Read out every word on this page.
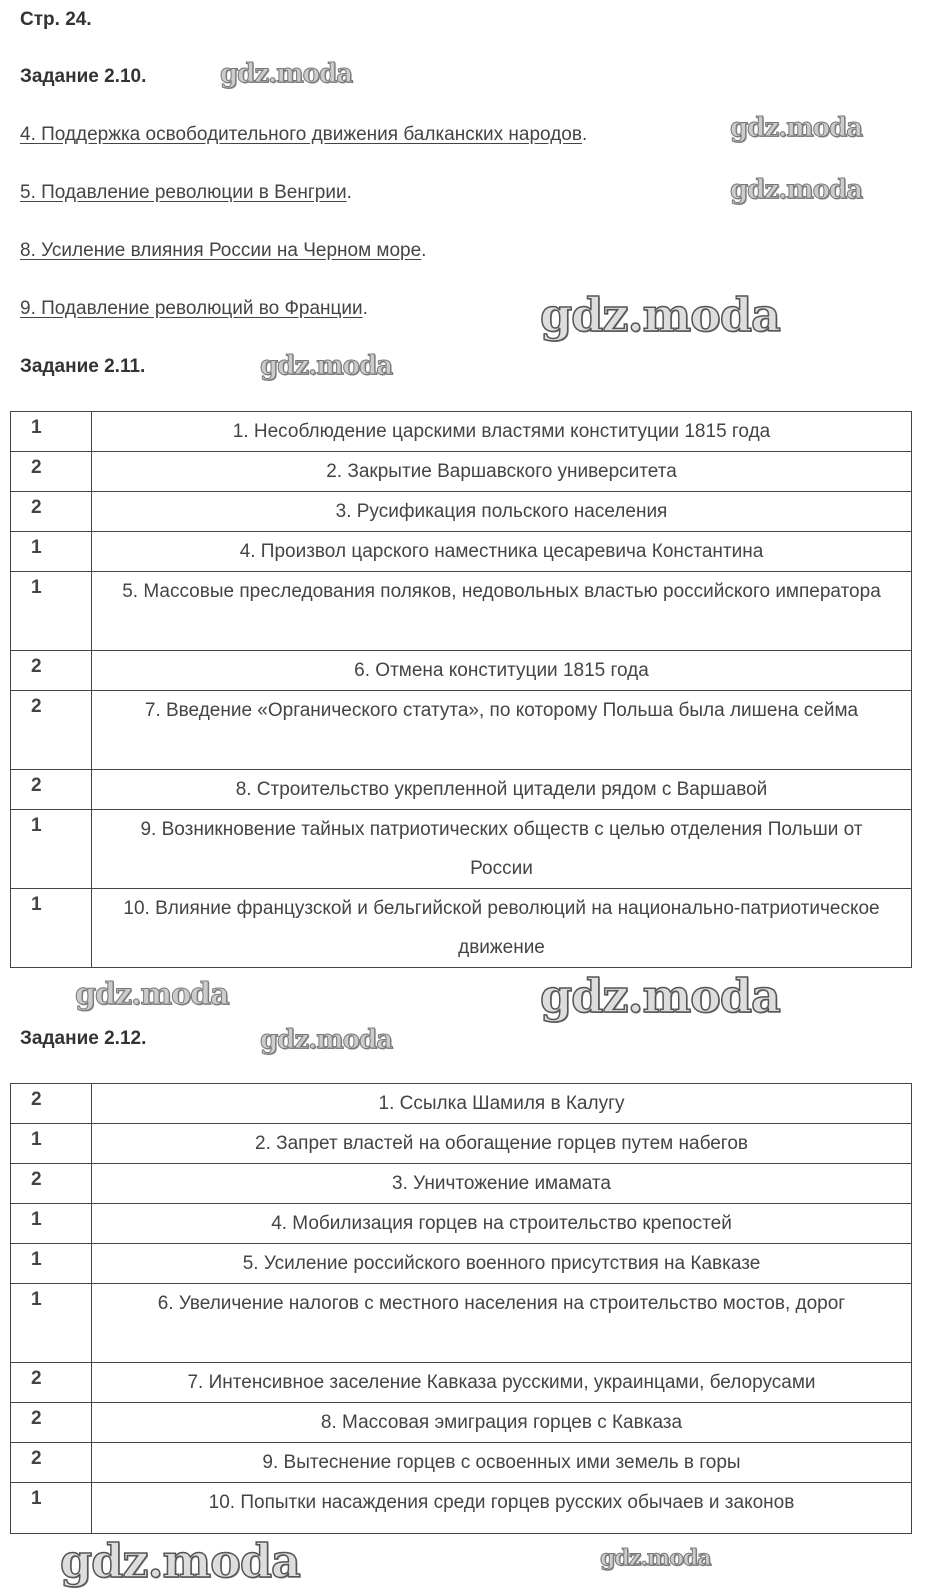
Стр. 24.
Задание 2.10.
4. Поддержка освободительного движения балканских народов.
5. Подавление революции в Венгрии.
8. Усиление влияния России на Черном море.
9. Подавление революций во Франции.
Задание 2.11.
1	1. Несоблюдение царскими властями конституции 1815 года
2	2. Закрытие Варшавского университета
2	3. Русификация польского населения
1	4. Произвол царского наместника цесаревича Константина
1	5. Массовые преследования поляков, недовольных властью российского императора
2	6. Отмена конституции 1815 года
2	7. Введение «Органического статута», по которому Польша была лишена сейма
2	8. Строительство укрепленной цитадели рядом с Варшавой
1	9. Возникновение тайных патриотических обществ с целью отделения Польши от России
1	10. Влияние французской и бельгийской революций на национально-патриотическое движение
Задание 2.12.
2	1. Ссылка Шамиля в Калугу
1	2. Запрет властей на обогащение горцев путем набегов
2	3. Уничтожение имамата
1	4. Мобилизация горцев на строительство крепостей
1	5. Усиление российского военного присутствия на Кавказе
1	6. Увеличение налогов с местного населения на строительство мостов, дорог
2	7. Интенсивное заселение Кавказа русскими, украинцами, белорусами
2	8. Массовая эмиграция горцев с Кавказа
2	9. Вытеснение горцев с освоенных ими земель в горы
1	10. Попытки насаждения среди горцев русских обычаев и законов
gdz.moda
gdz.moda
gdz.moda
gdz.moda
gdz.moda
gdz.moda	gdz.moda
gdz.moda
gdz.moda	gdz.moda
